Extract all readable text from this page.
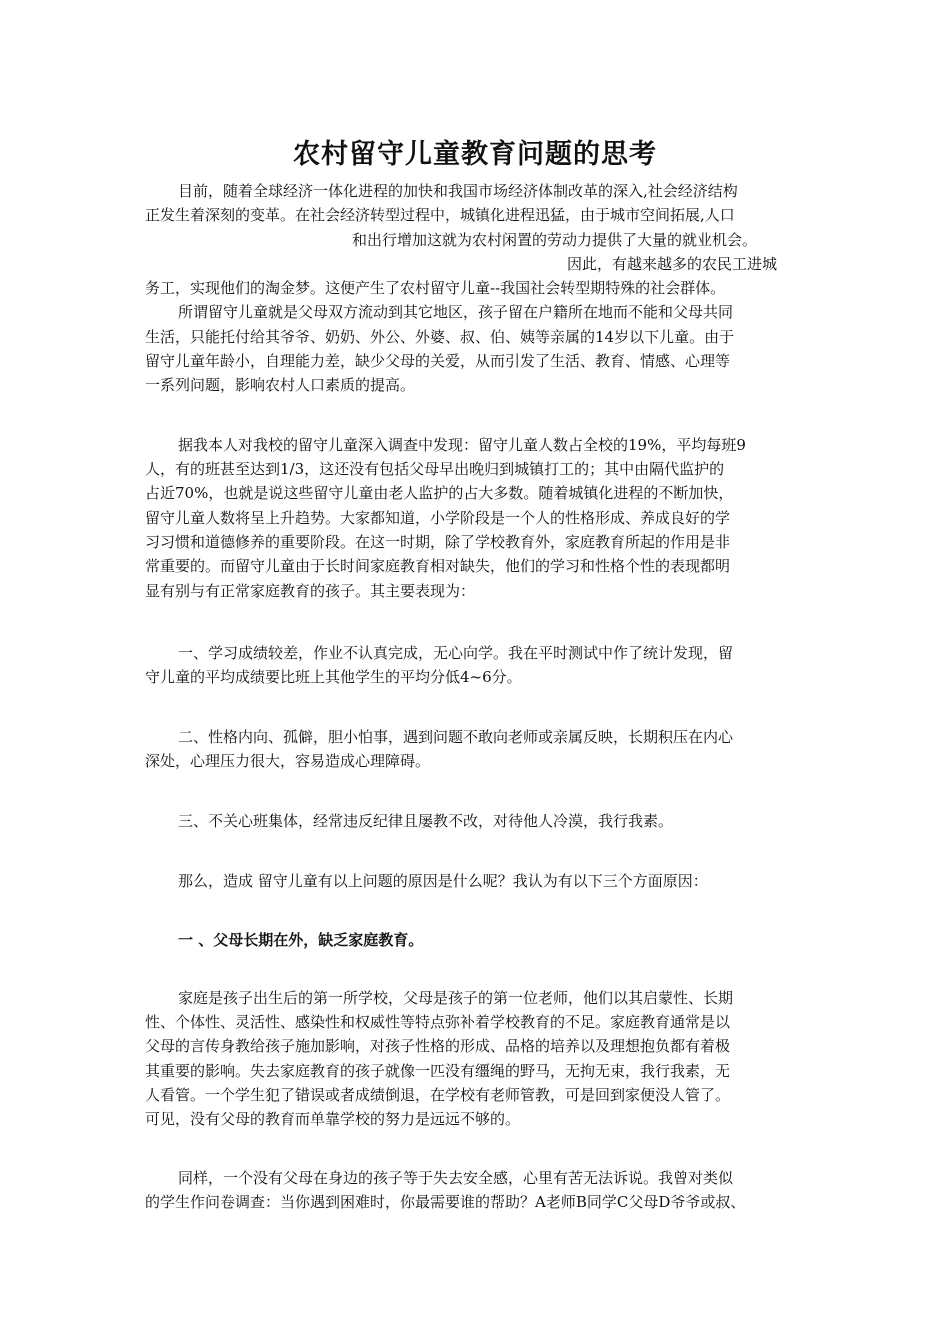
农村留守儿童教育问题的思考

目前，随着全球经济一体化进程的加快和我国市场经济体制改革的深入,社会经济结构

正发生着深刻的变革。在社会经济转型过程中，城镇化进程迅猛，由于城市空间拓展,人口

和出行增加这就为农村闲置的劳动力提供了大量的就业机会。

因此，有越来越多的农民工进城

务工，实现他们的淘金梦。这便产生了农村留守儿童--我国社会转型期特殊的社会群体。

所谓留守儿童就是父母双方流动到其它地区，孩子留在户籍所在地而不能和父母共同

生活，只能托付给其爷爷、奶奶、外公、外婆、叔、伯、姨等亲属的14岁以下儿童。由于

留守儿童年龄小，自理能力差，缺少父母的关爱，从而引发了生活、教育、情感、心理等

一系列问题，影响农村人口素质的提高。

据我本人对我校的留守儿童深入调查中发现：留守儿童人数占全校的19%，平均每班9

人，有的班甚至达到1/3，这还没有包括父母早出晚归到城镇打工的；其中由隔代监护的

占近70%，也就是说这些留守儿童由老人监护的占大多数。随着城镇化进程的不断加快，

留守儿童人数将呈上升趋势。大家都知道，小学阶段是一个人的性格形成、养成良好的学

习习惯和道德修养的重要阶段。在这一时期，除了学校教育外，家庭教育所起的作用是非

常重要的。而留守儿童由于长时间家庭教育相对缺失，他们的学习和性格个性的表现都明

显有别与有正常家庭教育的孩子。其主要表现为：

一、学习成绩较差，作业不认真完成，无心向学。我在平时测试中作了统计发现，留

守儿童的平均成绩要比班上其他学生的平均分低4~6分。

二、性格内向、孤僻，胆小怕事，遇到问题不敢向老师或亲属反映，长期积压在内心

深处，心理压力很大，容易造成心理障碍。

三、不关心班集体，经常违反纪律且屡教不改，对待他人冷漠，我行我素。

那么，造成 留守儿童有以上问题的原因是什么呢？我认为有以下三个方面原因：

一 、父母长期在外，缺乏家庭教育。

家庭是孩子出生后的第一所学校，父母是孩子的第一位老师，他们以其启蒙性、长期

性、个体性、灵活性、感染性和权威性等特点弥补着学校教育的不足。家庭教育通常是以

父母的言传身教给孩子施加影响，对孩子性格的形成、品格的培养以及理想抱负都有着极

其重要的影响。失去家庭教育的孩子就像一匹没有缰绳的野马，无拘无束，我行我素，无

人看管。一个学生犯了错误或者成绩倒退，在学校有老师管教，可是回到家便没人管了。

可见，没有父母的教育而单靠学校的努力是远远不够的。

同样，一个没有父母在身边的孩子等于失去安全感，心里有苦无法诉说。我曾对类似

的学生作问卷调查：当你遇到困难时，你最需要谁的帮助？A老师B同学C父母D爷爷或叔、
